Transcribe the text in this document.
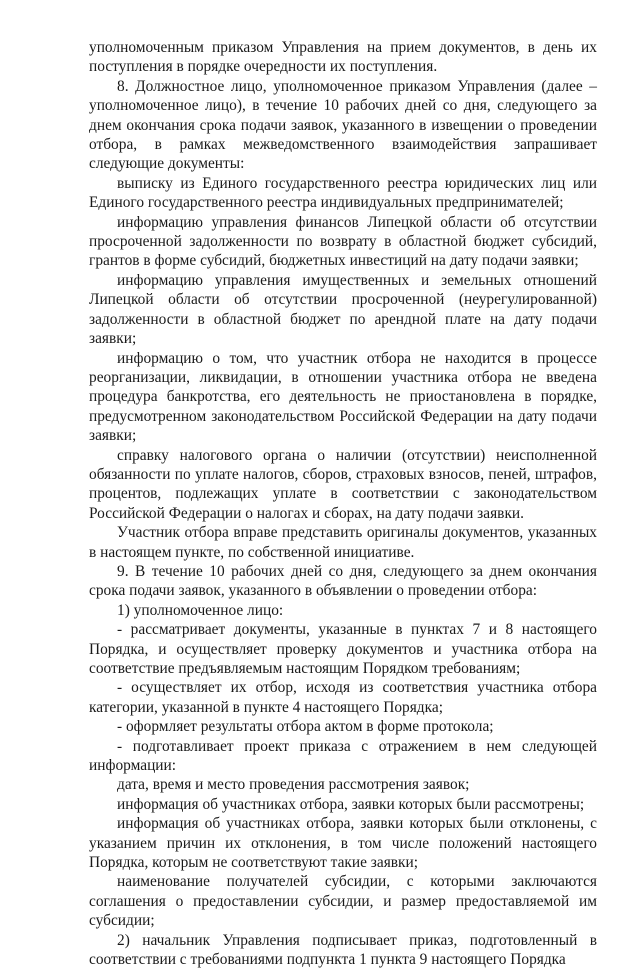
уполномоченным приказом Управления на прием документов, в день их поступления в порядке очередности их поступления.

8. Должностное лицо, уполномоченное приказом Управления (далее – уполномоченное лицо), в течение 10 рабочих дней со дня, следующего за днем окончания срока подачи заявок, указанного в извещении о проведении отбора, в рамках межведомственного взаимодействия запрашивает следующие документы:

выписку из Единого государственного реестра юридических лиц или Единого государственного реестра индивидуальных предпринимателей;

информацию управления финансов Липецкой области об отсутствии просроченной задолженности по возврату в областной бюджет субсидий, грантов в форме субсидий, бюджетных инвестиций на дату подачи заявки;

информацию управления имущественных и земельных отношений Липецкой области об отсутствии просроченной (неурегулированной) задолженности в областной бюджет по арендной плате на дату подачи заявки;

информацию о том, что участник отбора не находится в процессе реорганизации, ликвидации, в отношении участника отбора не введена процедура банкротства, его деятельность не приостановлена в порядке, предусмотренном законодательством Российской Федерации на дату подачи заявки;

справку налогового органа о наличии (отсутствии) неисполненной обязанности по уплате налогов, сборов, страховых взносов, пеней, штрафов, процентов, подлежащих уплате в соответствии с законодательством Российской Федерации о налогах и сборах, на дату подачи заявки.

Участник отбора вправе представить оригиналы документов, указанных в настоящем пункте, по собственной инициативе.

9. В течение 10 рабочих дней со дня, следующего за днем окончания срока подачи заявок, указанного в объявлении о проведении отбора:

1) уполномоченное лицо:

- рассматривает документы, указанные в пунктах 7 и 8 настоящего Порядка, и осуществляет проверку документов и участника отбора на соответствие предъявляемым настоящим Порядком требованиям;

- осуществляет их отбор, исходя из соответствия участника отбора категории, указанной в пункте 4 настоящего Порядка;

- оформляет результаты отбора актом в форме протокола;

- подготавливает проект приказа с отражением в нем следующей информации:

дата, время и место проведения рассмотрения заявок;

информация об участниках отбора, заявки которых были рассмотрены;

информация об участниках отбора, заявки которых были отклонены, с указанием причин их отклонения, в том числе положений настоящего Порядка, которым не соответствуют такие заявки;

наименование получателей субсидии, с которыми заключаются соглашения о предоставлении субсидии, и размер предоставляемой им субсидии;

2) начальник Управления подписывает приказ, подготовленный в соответствии с требованиями подпункта 1 пункта 9 настоящего Порядка
